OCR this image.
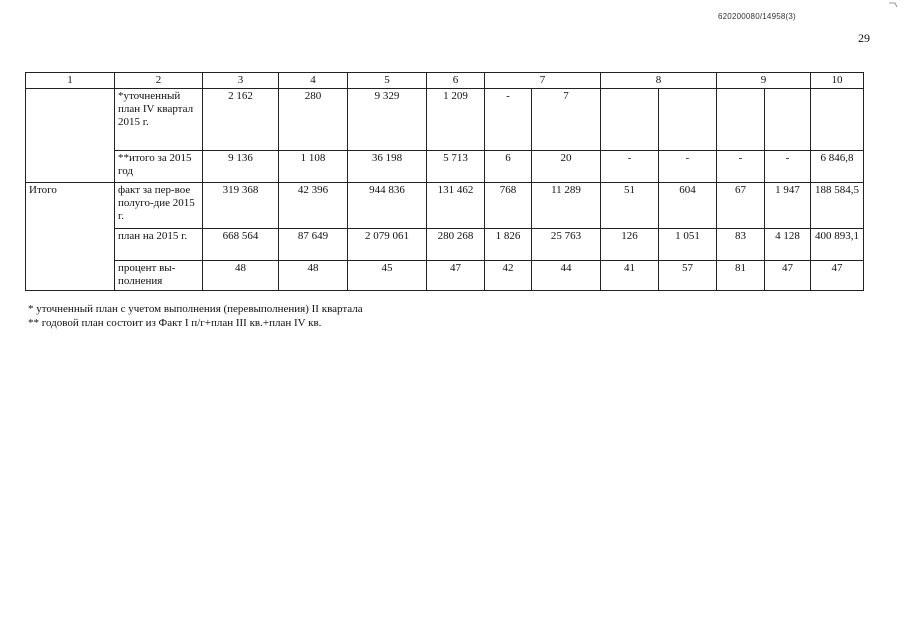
620200080/14958(3)
29
1	2	3	4	5	6	7		8		9		10
	*уточненный план IV квартал 2015 г.	2 162	280	9 329	1 209	-	7					
	**итого за 2015 год	9 136	1 108	36 198	5 713	6	20	-	-	-	-	6 846,8
Итого	факт за пер-вое полуго-дие 2015 г.	319 368	42 396	944 836	131 462	768	11 289	51	604	67	1 947	188 584,5
	план на 2015 г.	668 564	87 649	2 079 061	280 268	1 826	25 763	126	1 051	83	4 128	400 893,1
	процент вы-полнения	48	48	45	47	42	44	41	57	81	47	47
* уточненный план с учетом выполнения (перевыполнения) II квартала
** годовой план состоит из Факт I п/г+план III кв.+план IV кв.
